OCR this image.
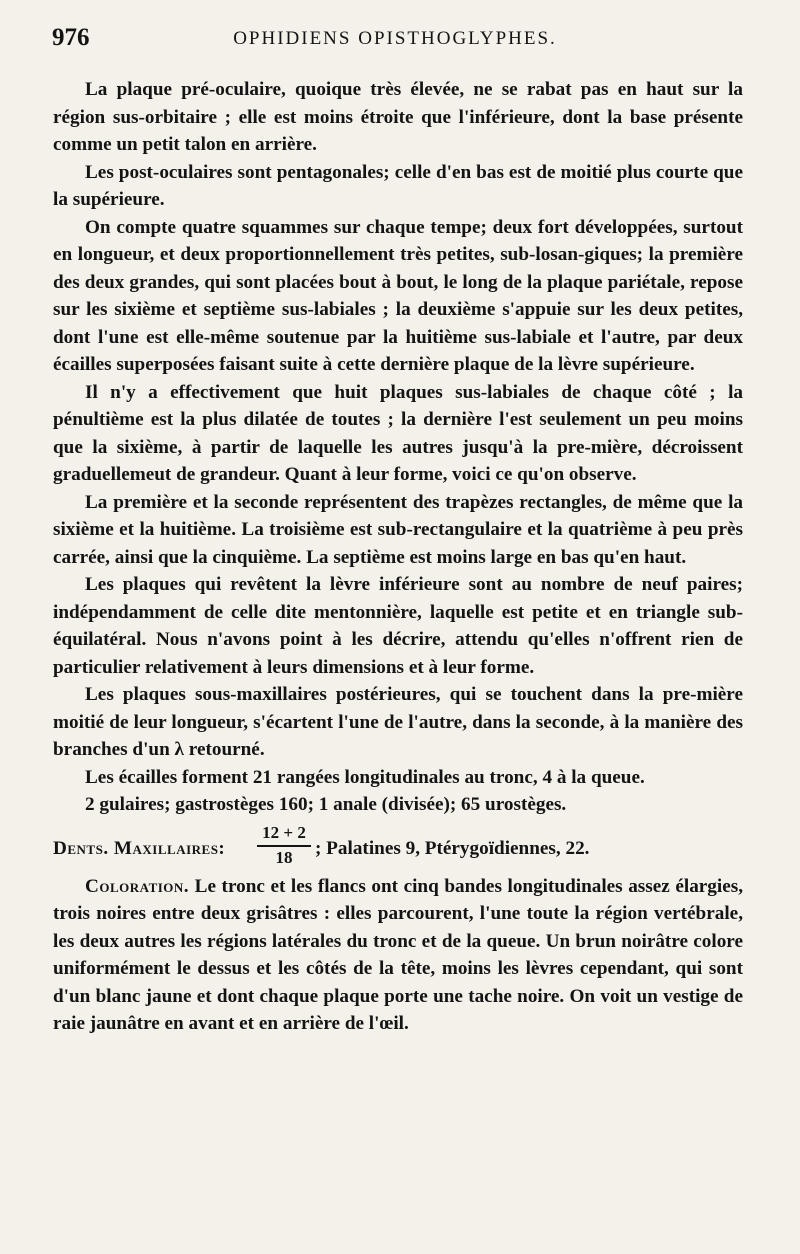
976	OPHIDIENS OPISTHOGLYPHES.

La plaque pré-oculaire, quoique très élevée, ne se rabat pas en haut sur la région sus-orbitaire ; elle est moins étroite que l'inférieure, dont la base présente comme un petit talon en arrière.

Les post-oculaires sont pentagonales; celle d'en bas est de moitié plus courte que la supérieure.

On compte quatre squammes sur chaque tempe; deux fort développées, surtout en longueur, et deux proportionnellement très petites, sub-losan-giques; la première des deux grandes, qui sont placées bout à bout, le long de la plaque pariétale, repose sur les sixième et septième sus-labiales ; la deuxième s'appuie sur les deux petites, dont l'une est elle-même soutenue par la huitième sus-labiale et l'autre, par deux écailles superposées faisant suite à cette dernière plaque de la lèvre supérieure.

Il n'y a effectivement que huit plaques sus-labiales de chaque côté ; la pénultième est la plus dilatée de toutes ; la dernière l'est seulement un peu moins que la sixième, à partir de laquelle les autres jusqu'à la pre-mière, décroissent graduellemeut de grandeur. Quant à leur forme, voici ce qu'on observe.

La première et la seconde représentent des trapèzes rectangles, de même que la sixième et la huitième. La troisième est sub-rectangulaire et la quatrième à peu près carrée, ainsi que la cinquième. La septième est moins large en bas qu'en haut.

Les plaques qui revêtent la lèvre inférieure sont au nombre de neuf paires; indépendamment de celle dite mentonnière, laquelle est petite et en triangle sub-équilatéral. Nous n'avons point à les décrire, attendu qu'elles n'offrent rien de particulier relativement à leurs dimensions et à leur forme.

Les plaques sous-maxillaires postérieures, qui se touchent dans la pre-mière moitié de leur longueur, s'écartent l'une de l'autre, dans la seconde, à la manière des branches d'un λ retourné.

Les écailles forment 21 rangées longitudinales au tronc, 4 à la queue.

2 gulaires; gastrostèges 160; 1 anale (divisée); 65 urostèges.

Dents. Maxillaires:
12 + 2
18	; Palatines 9, Ptérygoïdiennes, 22.

Coloration. Le tronc et les flancs ont cinq bandes longitudinales assez élargies, trois noires entre deux grisâtres : elles parcourent, l'une toute la région vertébrale, les deux autres les régions latérales du tronc et de la queue. Un brun noirâtre colore uniformément le dessus et les côtés de la tête, moins les lèvres cependant, qui sont d'un blanc jaune et dont chaque plaque porte une tache noire. On voit un vestige de raie jaunâtre en avant et en arrière de l'œil.
